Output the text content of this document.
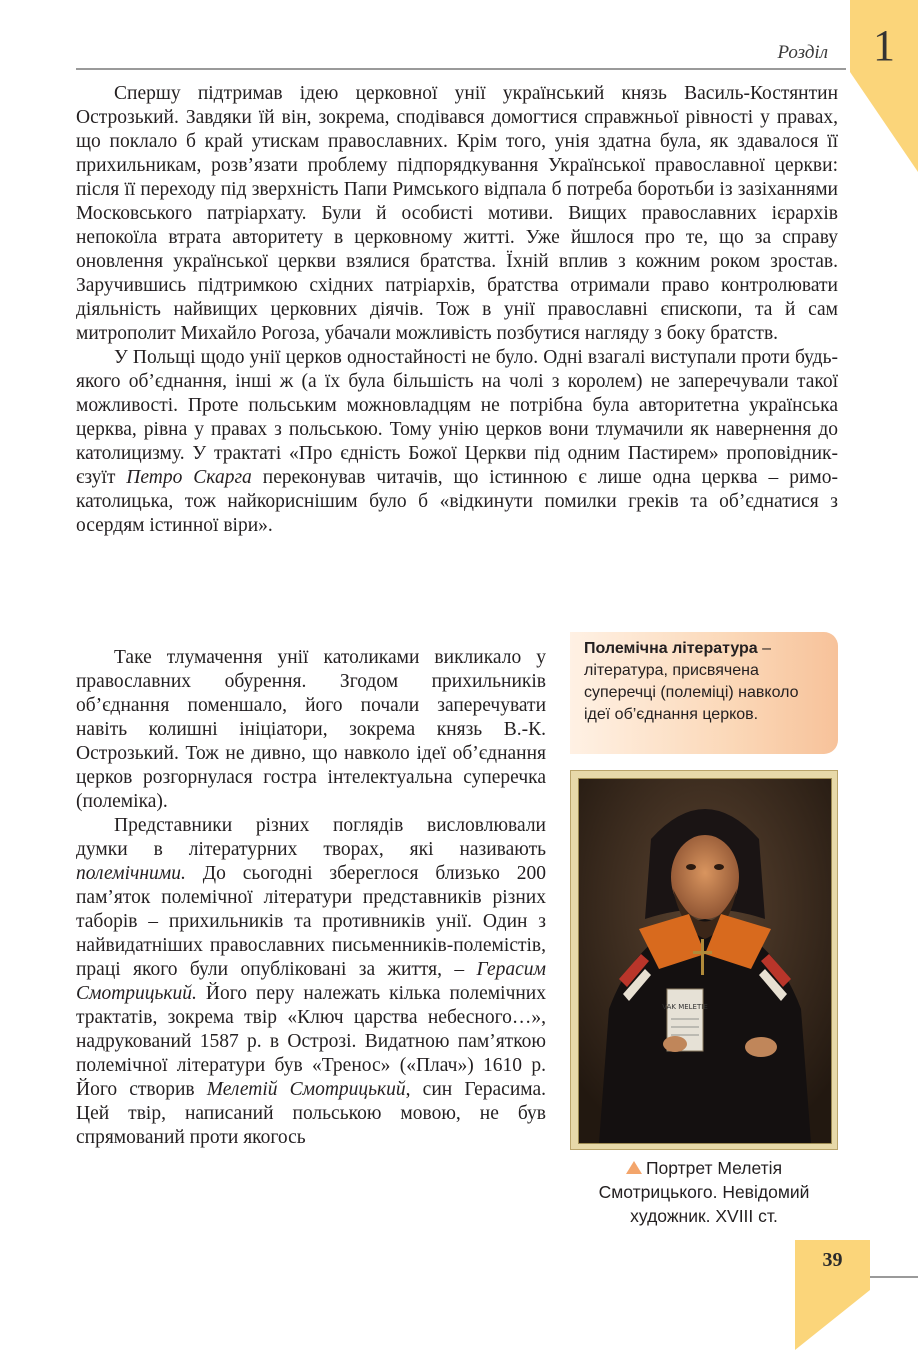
1
Розділ

Спершу підтримав ідею церковної унії український князь Василь-Костянтин Острозький. Завдяки їй він, зокрема, сподівався домогтися справжньої рівності у правах, що поклало б край утискам православних. Крім того, унія здатна була, як здавалося її прихильникам, розв’язати проблему підпорядкування Української православної церкви: після її переходу під зверхність Папи Римського відпала б потреба боротьби із зазіханнями Московського патріархату. Були й особисті мотиви. Вищих православних ієрархів непокоїла втрата авторитету в церковному житті. Уже йшлося про те, що за справу оновлення української церкви взялися братства. Їхній вплив з кожним роком зростав. Заручившись підтримкою східних патріархів, братства отримали право контролювати діяльність найвищих церковних діячів. Тож в унії православні єпископи, та й сам митрополит Михайло Рогоза, убачали можливість позбутися нагляду з боку братств.

У Польщі щодо унії церков одностайності не було. Одні взагалі виступали проти будь-якого об’єднання, інші ж (а їх була більшість на чолі з королем) не заперечували такої можливості. Проте польським можновладцям не потрібна була авторитетна українська церква, рівна у правах з польською. Тому унію церков вони тлумачили як навернення до католицизму. У трактаті «Про єдність Божої Церкви під одним Пастирем» проповідник-єзуїт Петро Скарга переконував читачів, що істинною є лише одна церква – римо-католицька, тож найкориснішим було б «відкинути помилки греків та об’єднатися з осердям істинної віри».

Таке тлумачення унії католиками викликало у православних обурення. Згодом прихильників об’єднання поменшало, його почали заперечувати навіть колишні ініціатори, зокрема князь В.-К. Острозький. Тож не дивно, що навколо ідеї об’єднання церков розгорнулася гостра інтелектуальна суперечка (полеміка).

Представники різних поглядів висловлювали думки в літературних творах, які називають полемічними. До сьогодні збереглося близько 200 пам’яток полемічної літератури представників різних таборів – прихильників та противників унії. Один з найвидатніших православних письменників-полемістів, праці якого були опубліковані за життя, – Герасим Смотрицький. Його перу належать кілька полемічних трактатів, зокрема твір «Ключ царства небесного…», надрукований 1587 р. в Острозі. Видатною пам’яткою полемічної літератури був «Тренос» («Плач») 1610 р. Його створив Мелетій Смотрицький, син Герасима. Цей твір, написаний польською мовою, не був спрямований проти якогось

Полемічна література – література, присвячена суперечці (полеміці) навколо ідеї об’єднання церков.
VAK MELETIE
Портрет Мелетія Смотрицького. Невідомий художник. XVIII ст.
39
